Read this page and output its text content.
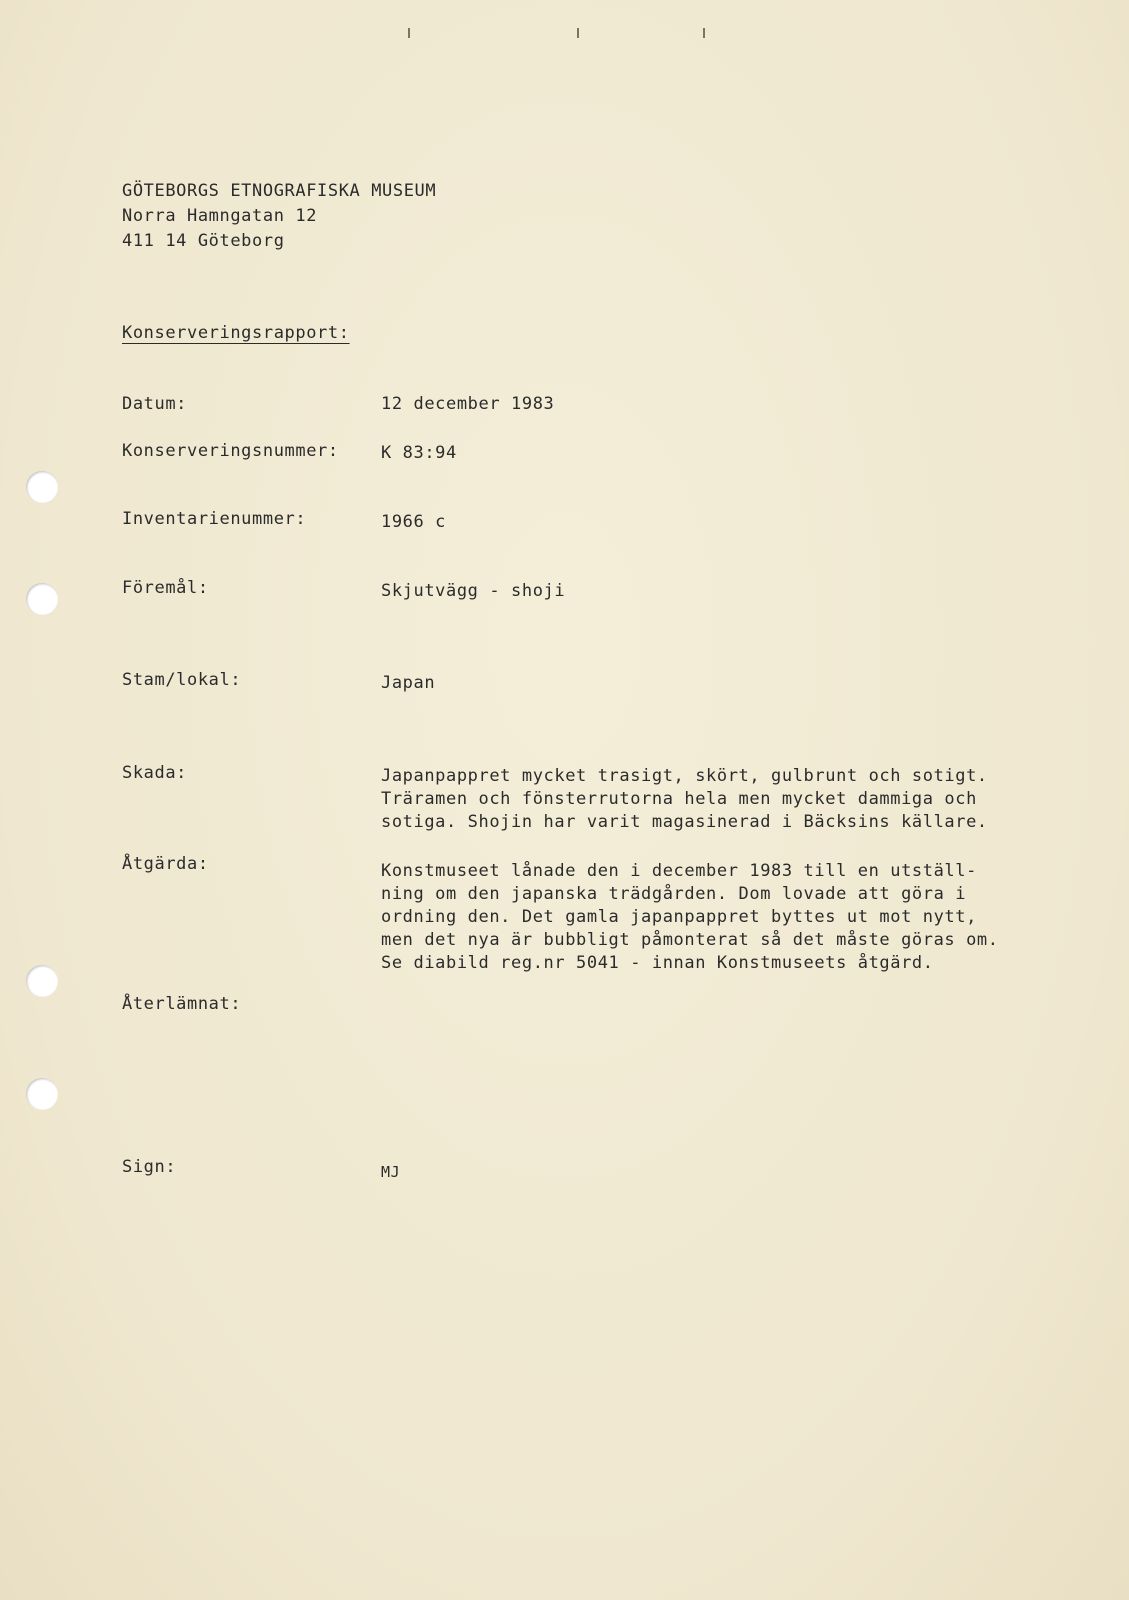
GÖTEBORGS ETNOGRAFISKA MUSEUM
Norra Hamngatan 12
411 14 Göteborg
Konserveringsrapport:
Datum:	12 december 1983
Konserveringsnummer: K 83:94
Inventarienummer:	1966 c
Föremål:	Skjutvägg - shoji
Stam/lokal:	Japan
Skada:	Japanpappret mycket trasigt, skört, gulbrunt och sotigt.
Träramen och fönsterrutorna hela men mycket dammiga och
sotiga. Shojin har varit magasinerad i Bäcksins källare.
Åtgärda:	Konstmuseet lånade den i december 1983 till en utställ-
ning om den japanska trädgården. Dom lovade att göra i
ordning den. Det gamla japanpappret byttes ut mot nytt,
men det nya är bubbligt påmonterat så det måste göras om.
Se diabild reg.nr 5041 - innan Konstmuseets åtgärd.
Återlämnat:
Sign:	MJ
